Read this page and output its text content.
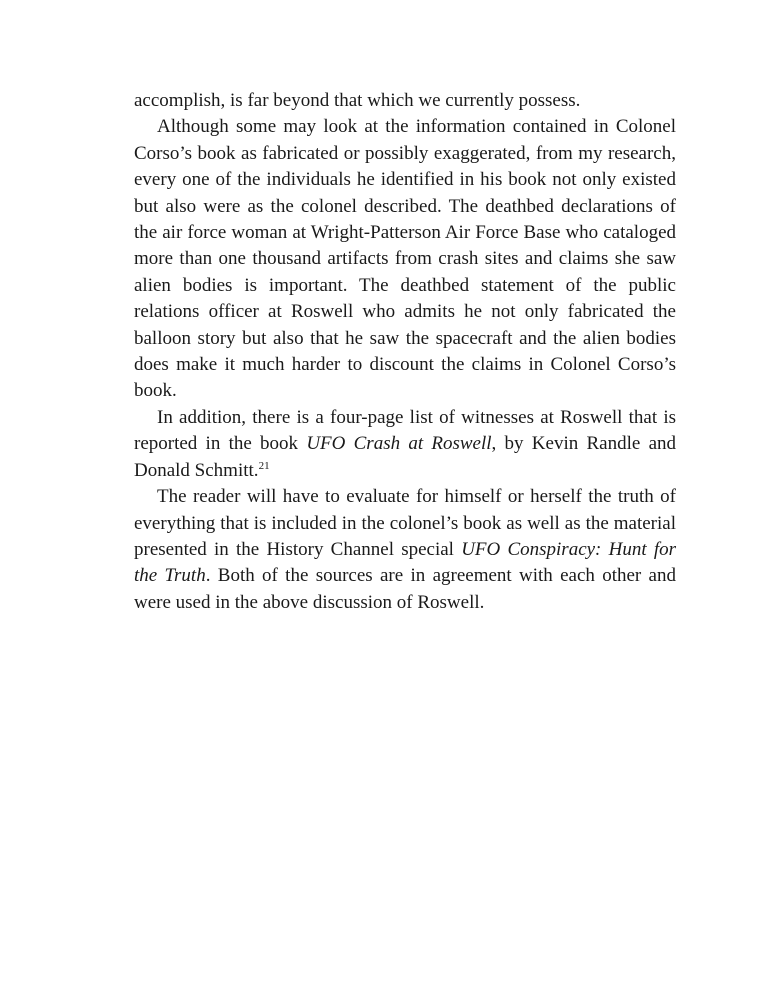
accomplish, is far beyond that which we currently possess.

Although some may look at the information contained in Colonel Corso’s book as fabricated or possibly exaggerated, from my research, every one of the individuals he identified in his book not only existed but also were as the colonel described. The deathbed declarations of the air force woman at Wright-Patterson Air Force Base who cataloged more than one thousand artifacts from crash sites and claims she saw alien bodies is important. The deathbed statement of the public relations officer at Roswell who admits he not only fabricated the balloon story but also that he saw the spacecraft and the alien bodies does make it much harder to discount the claims in Colonel Corso’s book.

In addition, there is a four-page list of witnesses at Roswell that is reported in the book UFO Crash at Roswell, by Kevin Randle and Donald Schmitt.$^{21}$

The reader will have to evaluate for himself or herself the truth of everything that is included in the colonel’s book as well as the material presented in the History Channel special UFO Conspiracy: Hunt for the Truth. Both of the sources are in agreement with each other and were used in the above discussion of Roswell.
